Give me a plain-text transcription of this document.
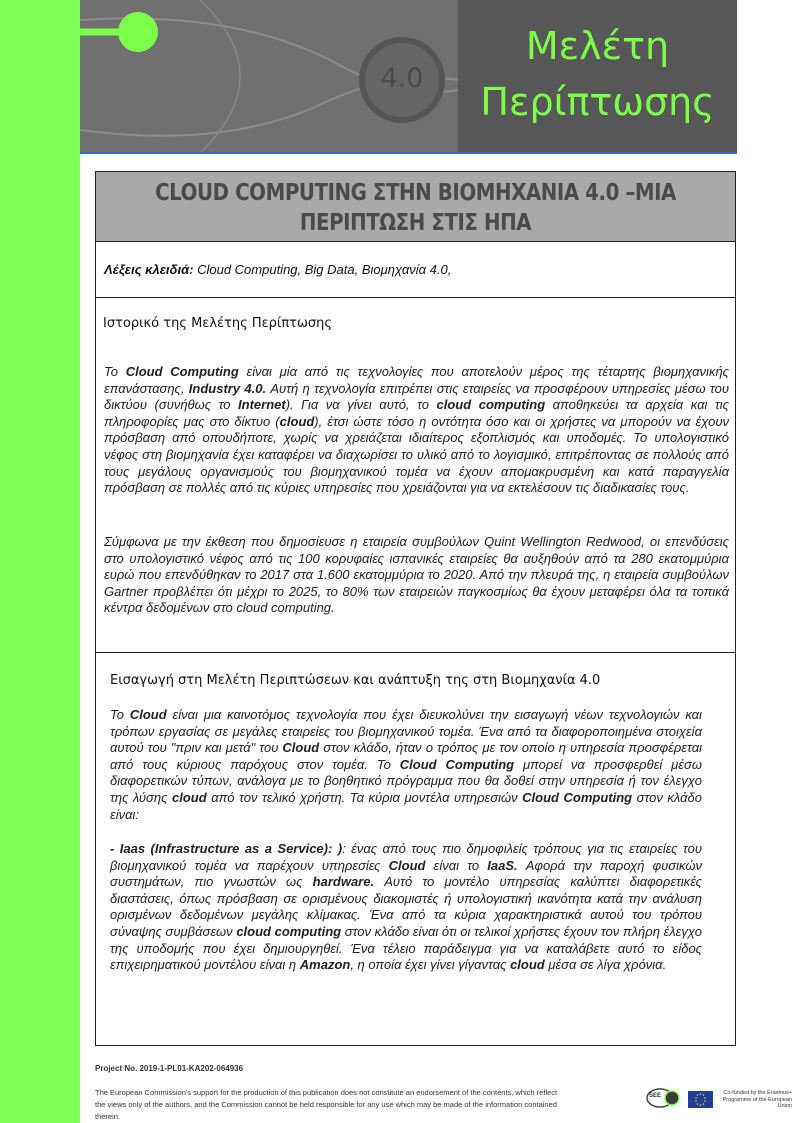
4.0
Μελέτη
Περίπτωσης
CLOUD COMPUTING ΣΤΗΝ ΒΙΟΜΗΧΑΝΙΑ 4.0 –ΜΙΑ
ΠΕΡΙΠΤΩΣΗ ΣΤΙΣ ΗΠΑ
Λέξεις κλειδιά: Cloud Computing, Big Data, Βιομηχανία 4.0,
Ιστορικό της Μελέτης Περίπτωσης

Το Cloud Computing είναι μία από τις τεχνολογίες που αποτελούν μέρος της τέταρτης βιομηχανικής επανάστασης, Industry 4.0. Αυτή η τεχνολογία επιτρέπει στις εταιρείες να προσφέρουν υπηρεσίες μέσω του δικτύου (συνήθως το Internet). Για να γίνει αυτό, το cloud computing αποθηκεύει τα αρχεία και τις πληροφορίες μας στο δίκτυο (cloud), έτσι ώστε τόσο η οντότητα όσο και οι χρήστες να μπορούν να έχουν πρόσβαση από οπουδήποτε, χωρίς να χρειάζεται ιδιαίτερος εξοπλισμός και υποδομές. Το υπολογιστικό νέφος στη βιομηχανία έχει καταφέρει να διαχωρίσει το υλικό από το λογισμικό, επιτρέποντας σε πολλούς από τους μεγάλους οργανισμούς του βιομηχανικού τομέα να έχουν απομακρυσμένη και κατά παραγγελία πρόσβαση σε πολλές από τις κύριες υπηρεσίες που χρειάζονται για να εκτελέσουν τις διαδικασίες τους.

Σύμφωνα με την έκθεση που δημοσίευσε η εταιρεία συμβούλων Quint Wellington Redwood, οι επενδύσεις στο υπολογιστικό νέφος από τις 100 κορυφαίες ισπανικές εταιρείες θα αυξηθούν από τα 280 εκατομμύρια ευρώ που επενδύθηκαν το 2017 στα 1.600 εκατομμύρια το 2020. Από την πλευρά της, η εταιρεία συμβούλων Gartner προβλέπει ότι μέχρι το 2025, το 80% των εταιρειών παγκοσμίως θα έχουν μεταφέρει όλα τα τοπικά κέντρα δεδομένων στο cloud computing.

Εισαγωγή στη Μελέτη Περιπτώσεων και ανάπτυξη της στη Βιομηχανία 4.0

Το Cloud είναι μια καινοτόμος τεχνολογία που έχει διευκολύνει την εισαγωγή νέων τεχνολογιών και τρόπων εργασίας σε μεγάλες εταιρείες του βιομηχανικού τομέα. Ένα από τα διαφοροποιημένα στοιχεία αυτού του "πριν και μετά" του Cloud στον κλάδο, ήταν ο τρόπος με τον οποίο η υπηρεσία προσφέρεται από τους κύριους παρόχους στον τομέα. Το Cloud Computing μπορεί να προσφερθεί μέσω διαφορετικών τύπων, ανάλογα με το βοηθητικό πρόγραμμα που θα δοθεί στην υπηρεσία ή τον έλεγχο της λύσης cloud από τον τελικό χρήστη. Τα κύρια μοντέλα υπηρεσιών Cloud Computing στον κλάδο είναι:

- Iaas (Infrastructure as a Service): ): ένας από τους πιο δημοφιλείς τρόπους για τις εταιρείες του βιομηχανικού τομέα να παρέχουν υπηρεσίες Cloud είναι το IaaS. Αφορά την παροχή φυσικών συστημάτων, πιο γνωστών ως hardware. Αυτό το μοντέλο υπηρεσίας καλύπτει διαφορετικές διαστάσεις, όπως πρόσβαση σε ορισμένους διακομιστές ή υπολογιστική ικανότητα κατά την ανάλυση ορισμένων δεδομένων μεγάλης κλίμακας. Ένα από τα κύρια χαρακτηριστικά αυτού του τρόπου σύναψης συμβάσεων cloud computing στον κλάδο είναι ότι οι τελικοί χρήστες έχουν τον πλήρη έλεγχο της υποδομής που έχει δημιουργηθεί. Ένα τέλειο παράδειγμα για να καταλάβετε αυτό το είδος επιχειρηματικού μοντέλου είναι η Amazon, η οποία έχει γίνει γίγαντας cloud μέσα σε λίγα χρόνια.

Project No. 2019-1-PL01-KA202-064936
The European Commission's support for the production of this publication does not constitute an endorsement of the contents, which reflect the views only of the authors, and the Commission cannot be held responsible for any use which may be made of the information contained therein.
SEE	Co-funded by the Erasmus+ Programme of the European Union
